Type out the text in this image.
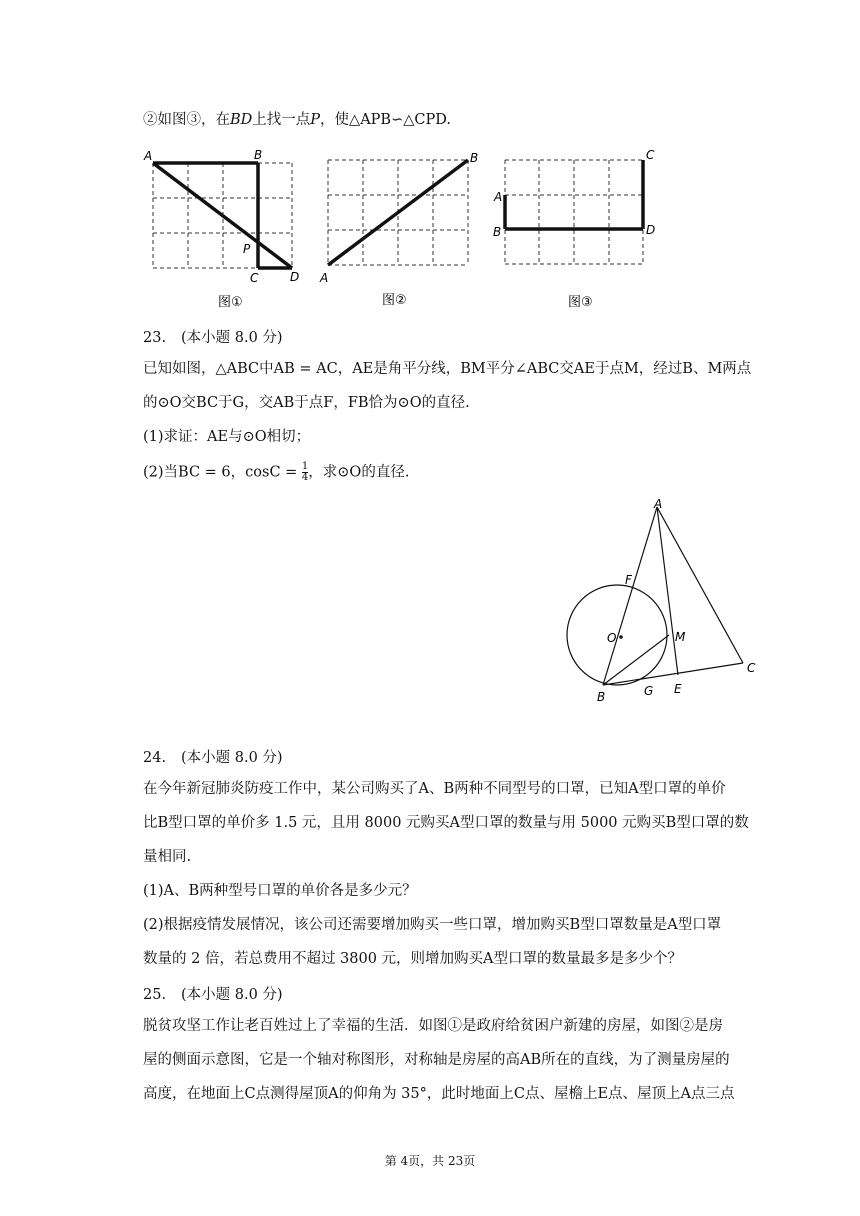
②如图③，在BD上找一点P，使△APB∽△CPD.
A	B
P
C	D
图①
A
B
图②
C
A
B	D
图③
23. (本小题 8.0 分)
已知如图，△ABC中AB = AC，AE是角平分线，BM平分∠ABC交AE于点M，经过B、M两点
的⊙O交BC于G，交AB于点F，FB恰为⊙O的直径.
(1)求证：AE与⊙O相切；
(2)当BC = 6，$\cos C = \frac{1}{4}$ ，求⊙O的直径.
A
F
O	M
C
B	G E
24. (本小题 8.0 分)
在今年新冠肺炎防疫工作中，某公司购买了A、B两种不同型号的口罩，已知A型口罩的单价
比B型口罩的单价多 1.5 元，且用 8000 元购买A型口罩的数量与用 5000 元购买B型口罩的数
量相同.
(1)A、B两种型号口罩的单价各是多少元？
(2)根据疫情发展情况，该公司还需要增加购买一些口罩，增加购买B型口罩数量是A型口罩
数量的 2 倍，若总费用不超过 3800 元，则增加购买A型口罩的数量最多是多少个？
25. (本小题 8.0 分)
脱贫攻坚工作让老百姓过上了幸福的生活．如图①是政府给贫困户新建的房屋，如图②是房
屋的侧面示意图，它是一个轴对称图形，对称轴是房屋的高AB所在的直线，为了测量房屋的
高度，在地面上C点测得屋顶A的仰角为 35°，此时地面上C点、屋檐上E点、屋顶上A点三点
第 4页，共 23页
